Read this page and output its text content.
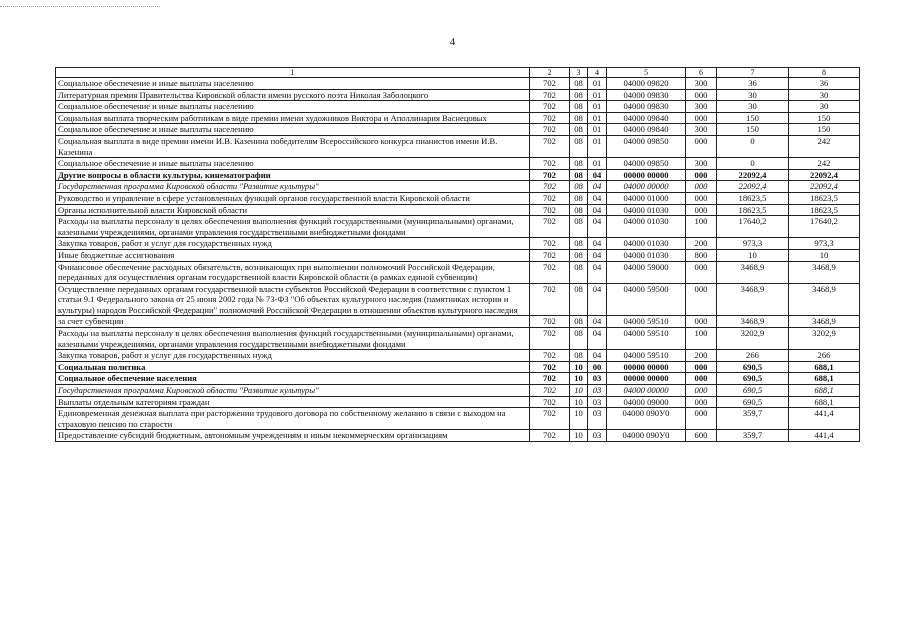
4
1	2	3	4	5	6	7	8
Социальное обеспечение и иные выплаты населению	702	08	01	04000 09820	300	36	36
Литературная премия Правительства Кировской области имени русского поэта Николая Заболоцкого	702	08	01	04000 09830	000	30	30
Социальное обеспечение и иные выплаты населению	702	08	01	04000 09830	300	30	30
Социальная выплата творческим работникам в виде премии имени художников Виктора и Аполлинария Васнецовых	702	08	01	04000 09840	000	150	150
Социальное обеспечение и иные выплаты населению	702	08	01	04000 09840	300	150	150
Социальная выплата в виде премии имени И.В. Казенина победителям Всероссийского конкурса пианистов имени И.В. Казенина	702	08	01	04000 09850	000	0	242
Социальное обеспечение и иные выплаты населению	702	08	01	04000 09850	300	0	242
Другие вопросы в области культуры, кинематографии	702	08	04	00000 00000	000	22092,4	22092,4
Государственная программа Кировской области "Развитие культуры"	702	08	04	04000 00000	000	22092,4	22092,4
Руководство и управление в сфере установленных функций органов государственной власти Кировской области	702	08	04	04000 01000	000	18623,5	18623,5
Органы исполнительной власти Кировской области	702	08	04	04000 01030	000	18623,5	18623,5
Расходы на выплаты персоналу в целях обеспечения выполнения функций государственными (муниципальными) органами, казенными учреждениями, органами управления государственными внебюджетными фондами	702	08	04	04000 01030	100	17640,2	17640,2
Закупка товаров, работ и услуг для государственных нужд	702	08	04	04000 01030	200	973,3	973,3
Иные бюджетные ассигнования	702	08	04	04000 01030	800	10	10
Финансовое обеспечение расходных обязательств, возникающих при выполнении полномочий Российской Федерации, переданных для осуществления органам государственной власти Кировской области (в рамках единой субвенции)	702	08	04	04000 59000	000	3468,9	3468,9
Осуществление переданных органам государственной власти субъектов Российской Федерации в соответствии с пунктом 1 статьи 9.1 Федерального закона от 25 июня 2002 года № 73-ФЗ "Об объектах культурного наследия (памятниках истории и культуры) народов Российской Федерации" полномочий Российской Федерации в отношении объектов культурного наследия	702	08	04	04000 59500	000	3468,9	3468,9
за счет субвенции	702	08	04	04000 59510	000	3468,9	3468,9
Расходы на выплаты персоналу в целях обеспечения выполнения функций государственными (муниципальными) органами, казенными учреждениями, органами управления государственными внебюджетными фондами	702	08	04	04000 59510	100	3202,9	3202,9
Закупка товаров, работ и услуг для государственных нужд	702	08	04	04000 59510	200	266	266
Социальная политика	702	10	00	00000 00000	000	690,5	688,1
Социальное обеспечение населения	702	10	03	00000 00000	000	690,5	688,1
Государственная программа Кировской области "Развитие культуры"	702	10	03	04000 00000	000	690,5	688,1
Выплаты отдельным категориям граждан	702	10	03	04000 09000	000	690,5	688,1
Единовременная денежная выплата при расторжении трудового договора по собственному желанию в связи с выходом на страховую пенсию по старости	702	10	03	04000 090У0	000	359,7	441,4
Предоставление субсидий бюджетным, автономным учреждениям и иным некоммерческим организациям	702	10	03	04000 090У0	600	359,7	441,4
